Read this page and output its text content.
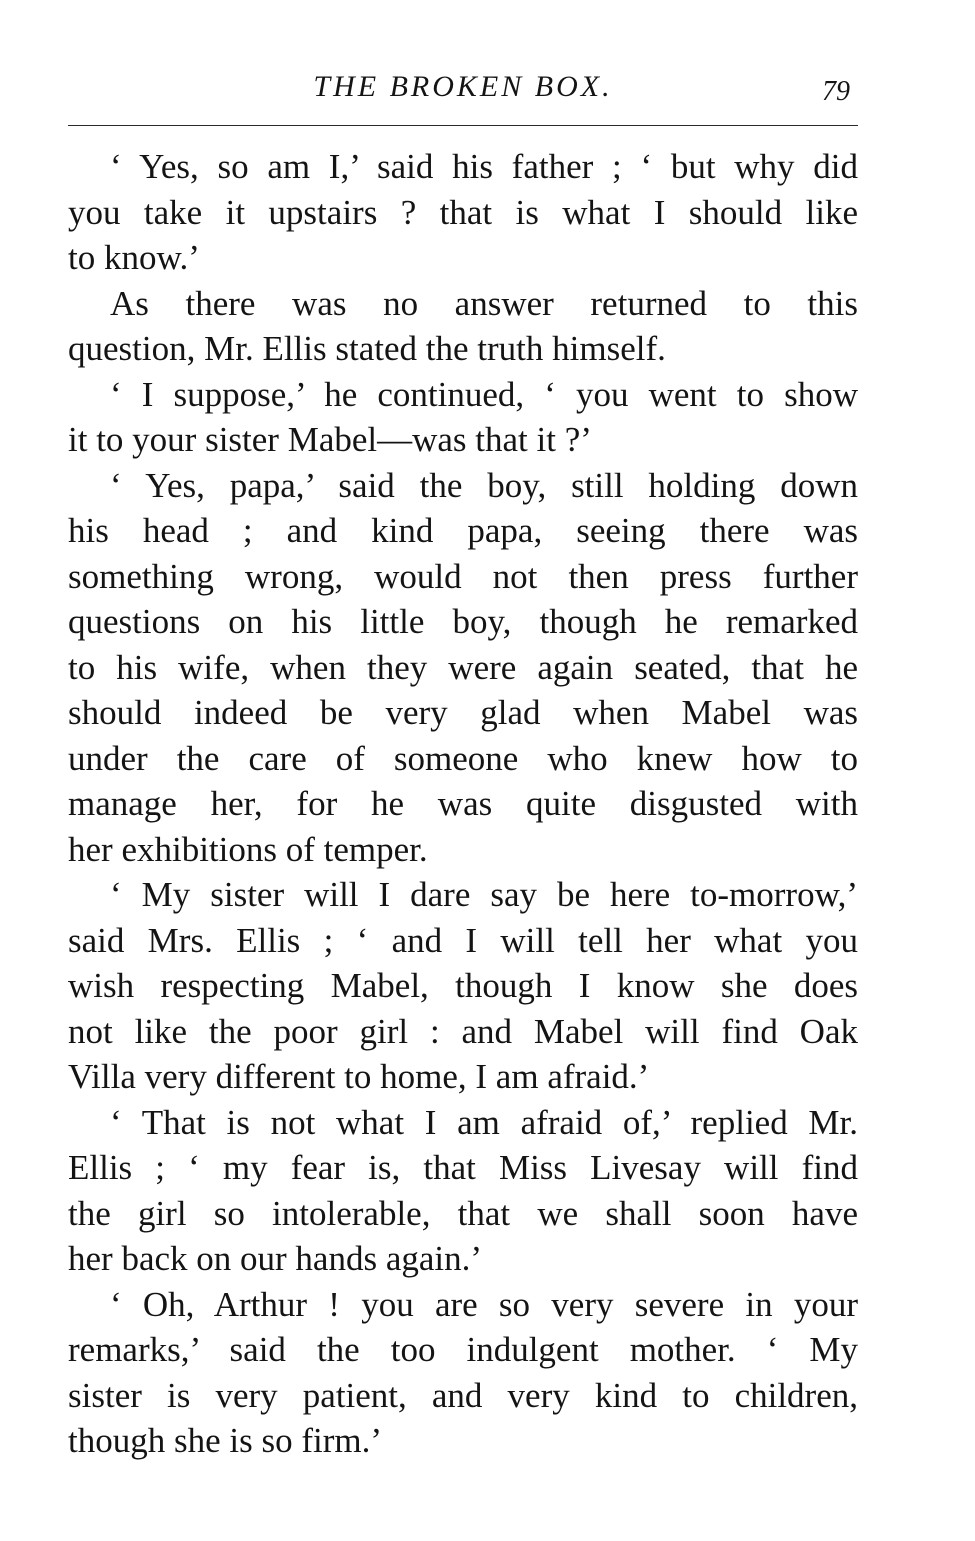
THE BROKEN BOX.	79
‘ Yes, so am I,’ said his father ; ‘ but why did
you take it upstairs ? that is what I should like
to know.’
As there was no answer returned to this
question, Mr. Ellis stated the truth himself.
‘ I suppose,’ he continued, ‘ you went to show
it to your sister Mabel—was that it ?’
‘ Yes, papa,’ said the boy, still holding down
his head ; and kind papa, seeing there was
something wrong, would not then press further
questions on his little boy, though he remarked
to his wife, when they were again seated, that he
should indeed be very glad when Mabel was
under the care of someone who knew how to
manage her, for he was quite disgusted with
her exhibitions of temper.
‘ My sister will I dare say be here to-morrow,’
said Mrs. Ellis ; ‘ and I will tell her what you
wish respecting Mabel, though I know she does
not like the poor girl : and Mabel will find Oak
Villa very different to home, I am afraid.’
‘ That is not what I am afraid of,’ replied Mr.
Ellis ; ‘ my fear is, that Miss Livesay will find
the girl so intolerable, that we shall soon have
her back on our hands again.’
‘ Oh, Arthur ! you are so very severe in your
remarks,’ said the too indulgent mother. ‘ My
sister is very patient, and very kind to children,
though she is so firm.’
